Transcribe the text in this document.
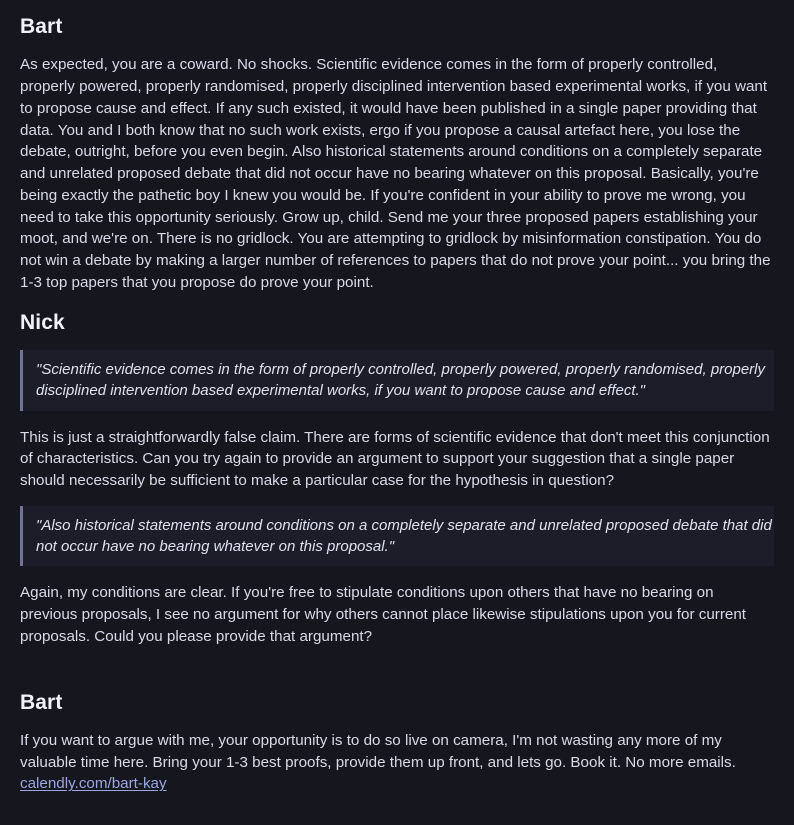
Bart

As expected, you are a coward. No shocks. Scientific evidence comes in the form of properly controlled, properly powered, properly randomised, properly disciplined intervention based experimental works, if you want to propose cause and effect. If any such existed, it would have been published in a single paper providing that data. You and I both know that no such work exists, ergo if you propose a causal artefact here, you lose the debate, outright, before you even begin. Also historical statements around conditions on a completely separate and unrelated proposed debate that did not occur have no bearing whatever on this proposal. Basically, you're being exactly the pathetic boy I knew you would be. If you're confident in your ability to prove me wrong, you need to take this opportunity seriously. Grow up, child. Send me your three proposed papers establishing your moot, and we're on. There is no gridlock. You are attempting to gridlock by misinformation constipation. You do not win a debate by making a larger number of references to papers that do not prove your point... you bring the 1-3 top papers that you propose do prove your point.

Nick
"Scientific evidence comes in the form of properly controlled, properly powered, properly randomised, properly disciplined intervention based experimental works, if you want to propose cause and effect."

This is just a straightforwardly false claim. There are forms of scientific evidence that don't meet this conjunction of characteristics. Can you try again to provide an argument to support your suggestion that a single paper should necessarily be sufficient to make a particular case for the hypothesis in question?

"Also historical statements around conditions on a completely separate and unrelated proposed debate that did not occur have no bearing whatever on this proposal."

Again, my conditions are clear. If you're free to stipulate conditions upon others that have no bearing on previous proposals, I see no argument for why others cannot place likewise stipulations upon you for current proposals. Could you please provide that argument?

Bart

If you want to argue with me, your opportunity is to do so live on camera, I'm not wasting any more of my valuable time here. Bring your 1-3 best proofs, provide them up front, and lets go. Book it. No more emails. calendly.com/bart-kay
